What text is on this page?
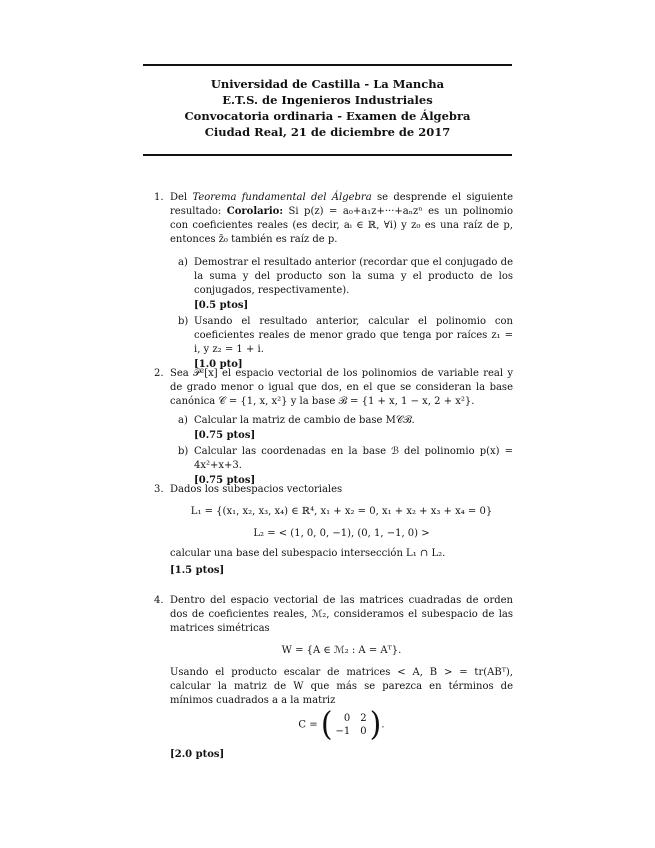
Universidad de Castilla - La Mancha
E.T.S. de Ingenieros Industriales
Convocatoria ordinaria - Examen de Álgebra
Ciudad Real, 21 de diciembre de 2017
1. Del Teorema fundamental del Álgebra se desprende el siguiente resultado: Corolario: Si p(z) = a₀+a₁z+···+aₙzⁿ es un polinomio con coeficientes reales (es decir, aᵢ ∈ ℝ, ∀i) y z₀ es una raíz de p, entonces z̄₀ también es raíz de p.

a) Demostrar el resultado anterior (recordar que el conjugado de la suma y del producto son la suma y el producto de los conjugados, respectivamente).

[0.5 ptos]
b) Usando el resultado anterior, calcular el polinomio con coeficientes reales de menor grado que tenga por raíces z₁ = i, y z₂ = 1 + i.

[1.0 pto]
2. Sea 𝒫²[x] el espacio vectorial de los polinomios de variable real y de grado menor o igual que dos, en el que se consideran la base canónica 𝒞 = {1, x, x²} y la base ℬ = {1 + x, 1 − x, 2 + x²}.

a) Calcular la matriz de cambio de base M𝒞ℬ.

[0.75 ptos]
b) Calcular las coordenadas en la base ℬ del polinomio p(x) = 4x²+x+3.

[0.75 ptos]
3. Dados los subespacios vectoriales

L₁ = {(x₁, x₂, x₃, x₄) ∈ ℝ⁴, x₁ + x₂ = 0, x₁ + x₂ + x₃ + x₄ = 0}

L₂ = < (1, 0, 0, −1), (0, 1, −1, 0) >

calcular una base del subespacio intersección L₁ ∩ L₂.

[1.5 ptos]
4. Dentro del espacio vectorial de las matrices cuadradas de orden dos de coeficientes reales, ℳ₂, consideramos el subespacio de las matrices simétricas

W = {A ∈ ℳ₂ : A = Aᵀ}.

Usando el producto escalar de matrices < A, B > = tr(ABᵀ), calcular la matriz de W que más se parezca en términos de mínimos cuadrados a a la matriz

C = (	0 2
−1 0 ) .
[2.0 ptos]
